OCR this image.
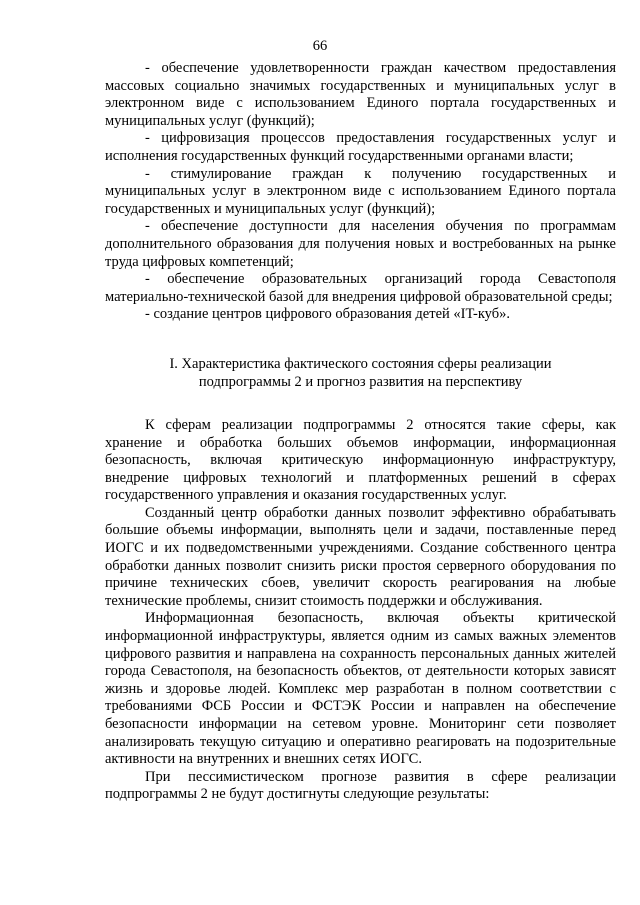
66

- обеспечение удовлетворенности граждан качеством предоставления массовых социально значимых государственных и муниципальных услуг в электронном виде с использованием Единого портала государственных и муниципальных услуг (функций);

- цифровизация процессов предоставления государственных услуг и исполнения государственных функций государственными органами власти;

- стимулирование граждан к получению государственных и муниципальных услуг в электронном виде с использованием Единого портала государственных и муниципальных услуг (функций);

- обеспечение доступности для населения обучения по программам дополнительного образования для получения новых и востребованных на рынке труда цифровых компетенций;

- обеспечение образовательных организаций города Севастополя материально-технической базой для внедрения цифровой образовательной среды;

- создание центров цифрового образования детей «IT-куб».

I. Характеристика фактического состояния сферы реализации
подпрограммы 2 и прогноз развития на перспективу

К сферам реализации подпрограммы 2 относятся такие сферы, как хранение и обработка больших объемов информации, информационная безопасность, включая критическую информационную инфраструктуру, внедрение цифровых технологий и платформенных решений в сферах государственного управления и оказания государственных услуг.

Созданный центр обработки данных позволит эффективно обрабатывать большие объемы информации, выполнять цели и задачи, поставленные перед ИОГС и их подведомственными учреждениями. Создание собственного центра обработки данных позволит снизить риски простоя серверного оборудования по причине технических сбоев, увеличит скорость реагирования на любые технические проблемы, снизит стоимость поддержки и обслуживания.

Информационная безопасность, включая объекты критической информационной инфраструктуры, является одним из самых важных элементов цифрового развития и направлена на сохранность персональных данных жителей города Севастополя, на безопасность объектов, от деятельности которых зависят жизнь и здоровье людей. Комплекс мер разработан в полном соответствии с требованиями ФСБ России и ФСТЭК России и направлен на обеспечение безопасности информации на сетевом уровне. Мониторинг сети позволяет анализировать текущую ситуацию и оперативно реагировать на подозрительные активности на внутренних и внешних сетях ИОГС.

При пессимистическом прогнозе развития в сфере реализации подпрограммы 2 не будут достигнуты следующие результаты:
